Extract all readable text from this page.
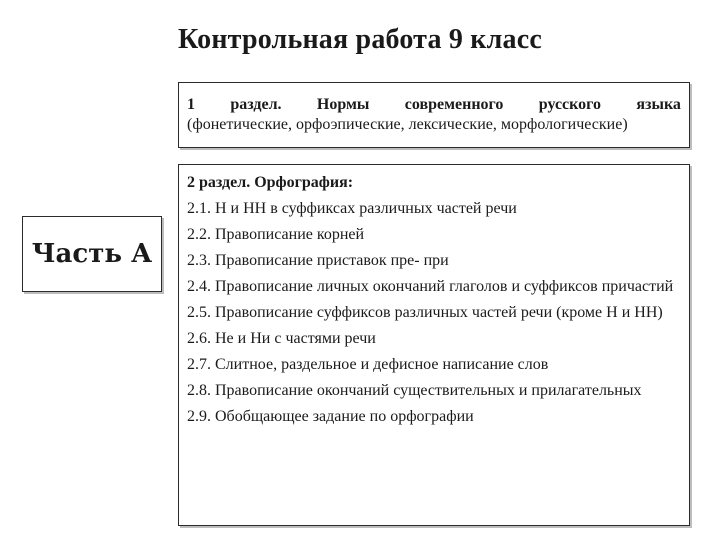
Контрольная работа 9 класс
Часть А
1 раздел. Нормы современного русского языка
(фонетические, орфоэпические, лексические, морфологические)
2 раздел. Орфография:
2.1. Н и НН в суффиксах различных частей речи
2.2. Правописание корней
2.3. Правописание приставок пре- при
2.4. Правописание личных окончаний глаголов и суффиксов причастий
2.5. Правописание суффиксов различных частей речи (кроме Н и НН)
2.6. Не и Ни с частями речи
2.7. Слитное, раздельное и дефисное написание слов
2.8. Правописание окончаний существительных и прилагательных
2.9. Обобщающее задание по орфографии
